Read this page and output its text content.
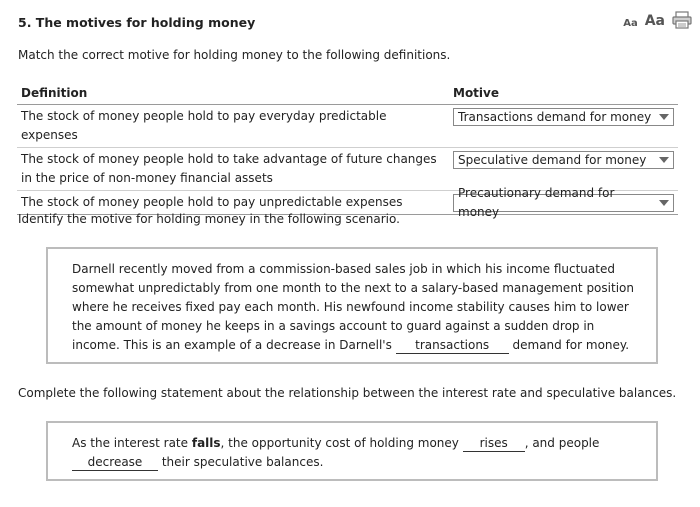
5. The motives for holding money	Aa Aa

Match the correct motive for holding money to the following definitions.

Definition	Motive
The stock of money people hold to pay everyday predictable expenses	Transactions demand for money

The stock of money people hold to take advantage of future changes in the price of non-money financial assets	Speculative demand for money

The stock of money people hold to pay unpredictable expenses	Precautionary demand for money

Identify the motive for holding money in the following scenario.

Darnell recently moved from a commission-based sales job in which his income fluctuated somewhat unpredictably from one month to the next to a salary-based management position where he receives fixed pay each month. His newfound income stability causes him to lower the amount of money he keeps in a savings account to guard against a sudden drop in income. This is an example of a decrease in Darnell's transactions demand for money.

Complete the following statement about the relationship between the interest rate and speculative balances.

As the interest rate falls, the opportunity cost of holding money rises , and people
decrease their speculative balances.
